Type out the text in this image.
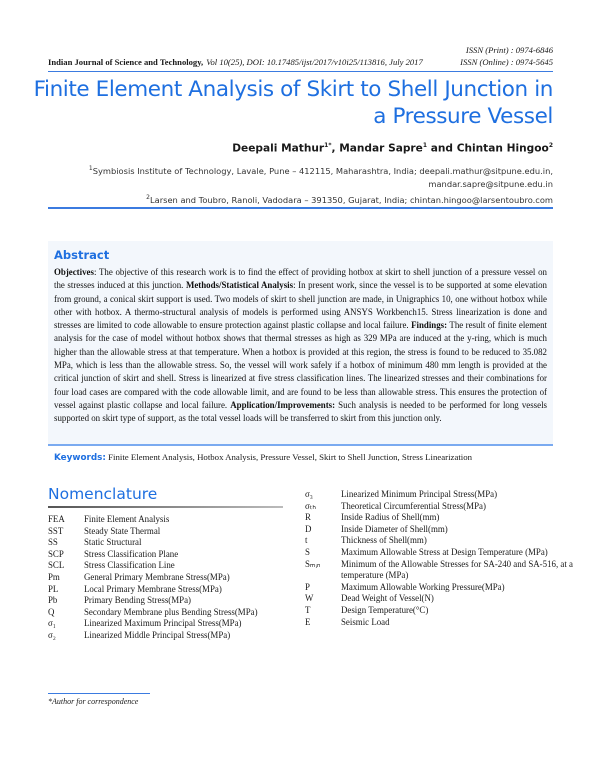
ISSN (Print) : 0974-6846
ISSN (Online) : 0974-5645
Indian Journal of Science and Technology, Vol 10(25), DOI: 10.17485/ijst/2017/v10i25/113816, July 2017
Finite Element Analysis of Skirt to Shell Junction in a Pressure Vessel
Deepali Mathur$^{1*}$, Mandar Sapre$^1$ and Chintan Hingoo$^2$
$^1$Symbiosis Institute of Technology, Lavale, Pune – 412115, Maharashtra, India; deepali.mathur@sitpune.edu.in,
mandar.sapre@sitpune.edu.in
$^2$Larsen and Toubro, Ranoli, Vadodara – 391350, Gujarat, India; chintan.hingoo@larsentoubro.com
Abstract
Objectives: The objective of this research work is to find the effect of providing hotbox at skirt to shell junction of a pressure vessel on the stresses induced at this junction. Methods/Statistical Analysis: In present work, since the vessel is to be supported at some elevation from ground, a conical skirt support is used. Two models of skirt to shell junction are made, in Unigraphics 10, one without hotbox while other with hotbox. A thermo-structural analysis of models is performed using ANSYS Workbench15. Stress linearization is done and stresses are limited to code allowable to ensure protection against plastic collapse and local failure. Findings: The result of finite element analysis for the case of model without hotbox shows that thermal stresses as high as 329 MPa are induced at the y-ring, which is much higher than the allowable stress at that temperature. When a hotbox is provided at this region, the stress is found to be reduced to 35.082 MPa, which is less than the allowable stress. So, the vessel will work safely if a hotbox of minimum 480 mm length is provided at the critical junction of skirt and shell. Stress is linearized at five stress classification lines. The linearized stresses and their combinations for four load cases are compared with the code allowable limit, and are found to be less than allowable stress. This ensures the protection of vessel against plastic collapse and local failure. Application/Improvements: Such analysis is needed to be performed for long vessels supported on skirt type of support, as the total vessel loads will be transferred to skirt from this junction only.
Keywords: Finite Element Analysis, Hotbox Analysis, Pressure Vessel, Skirt to Shell Junction, Stress Linearization
Nomenclature
FEA	Finite Element Analysis
SST	Steady State Thermal
SS	Static Structural
SCP	Stress Classification Plane
SCL	Stress Classification Line
Pm	General Primary Membrane Stress(MPa)
PL	Local Primary Membrane Stress(MPa)
Pb	Primary Bending Stress(MPa)
Q	Secondary Membrane plus Bending Stress(MPa)
σ₁	Linearized Maximum Principal Stress(MPa)
σ₂	Linearized Middle Principal Stress(MPa)
σ₃	Linearized Minimum Principal Stress(MPa)
σₜₕ	Theoretical Circumferential Stress(MPa)
R	Inside Radius of Shell(mm)
D	Inside Diameter of Shell(mm)
t	Thickness of Shell(mm)
S	Maximum Allowable Stress at Design Temperature (MPa)
Sₘᵢₙ	Minimum of the Allowable Stresses for SA-240 and SA-516, at a temperature (MPa)
P	Maximum Allowable Working Pressure(MPa)
W	Dead Weight of Vessel(N)
T	Design Temperature(°C)
E	Seismic Load
*Author for correspondence
